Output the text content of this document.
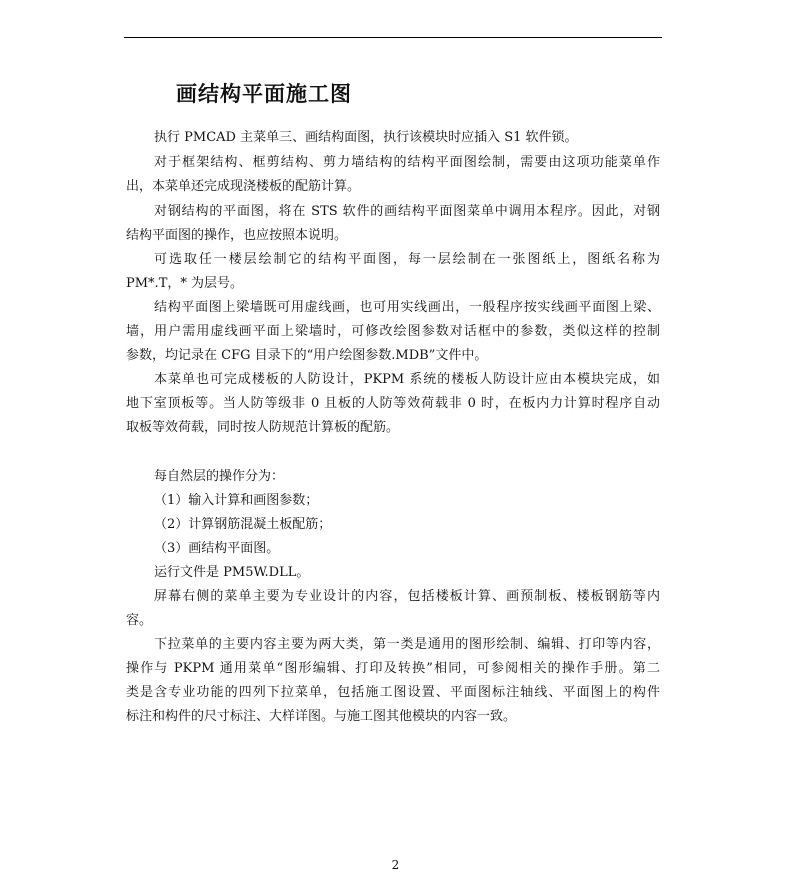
画结构平面施工图
执行 PMCAD 主菜单三、画结构面图，执行该模块时应插入 S1 软件锁。
对于框架结构、框剪结构、剪力墙结构的结构平面图绘制，需要由这项功能菜单作
出，本菜单还完成现浇楼板的配筋计算。
对钢结构的平面图，将在 STS 软件的画结构平面图菜单中调用本程序。因此，对钢
结构平面图的操作，也应按照本说明。
可选取任一楼层绘制它的结构平面图，每一层绘制在一张图纸上，图纸名称为
PM*.T，* 为层号。
结构平面图上梁墙既可用虚线画，也可用实线画出，一般程序按实线画平面图上梁、
墙，用户需用虚线画平面上梁墙时，可修改绘图参数对话框中的参数，类似这样的控制
参数，均记录在 CFG 目录下的“用户绘图参数.MDB”文件中。
本菜单也可完成楼板的人防设计，PKPM 系统的楼板人防设计应由本模块完成，如
地下室顶板等。当人防等级非 0 且板的人防等效荷载非 0 时，在板内力计算时程序自动
取板等效荷载，同时按人防规范计算板的配筋。
每自然层的操作分为：
（1）输入计算和画图参数；
（2）计算钢筋混凝土板配筋；
（3）画结构平面图。
运行文件是 PM5W.DLL。
屏幕右侧的菜单主要为专业设计的内容，包括楼板计算、画预制板、楼板钢筋等内
容。
下拉菜单的主要内容主要为两大类，第一类是通用的图形绘制、编辑、打印等内容，
操作与 PKPM 通用菜单“图形编辑、打印及转换”相同，可参阅相关的操作手册。第二
类是含专业功能的四列下拉菜单，包括施工图设置、平面图标注轴线、平面图上的构件
标注和构件的尺寸标注、大样详图。与施工图其他模块的内容一致。
2
